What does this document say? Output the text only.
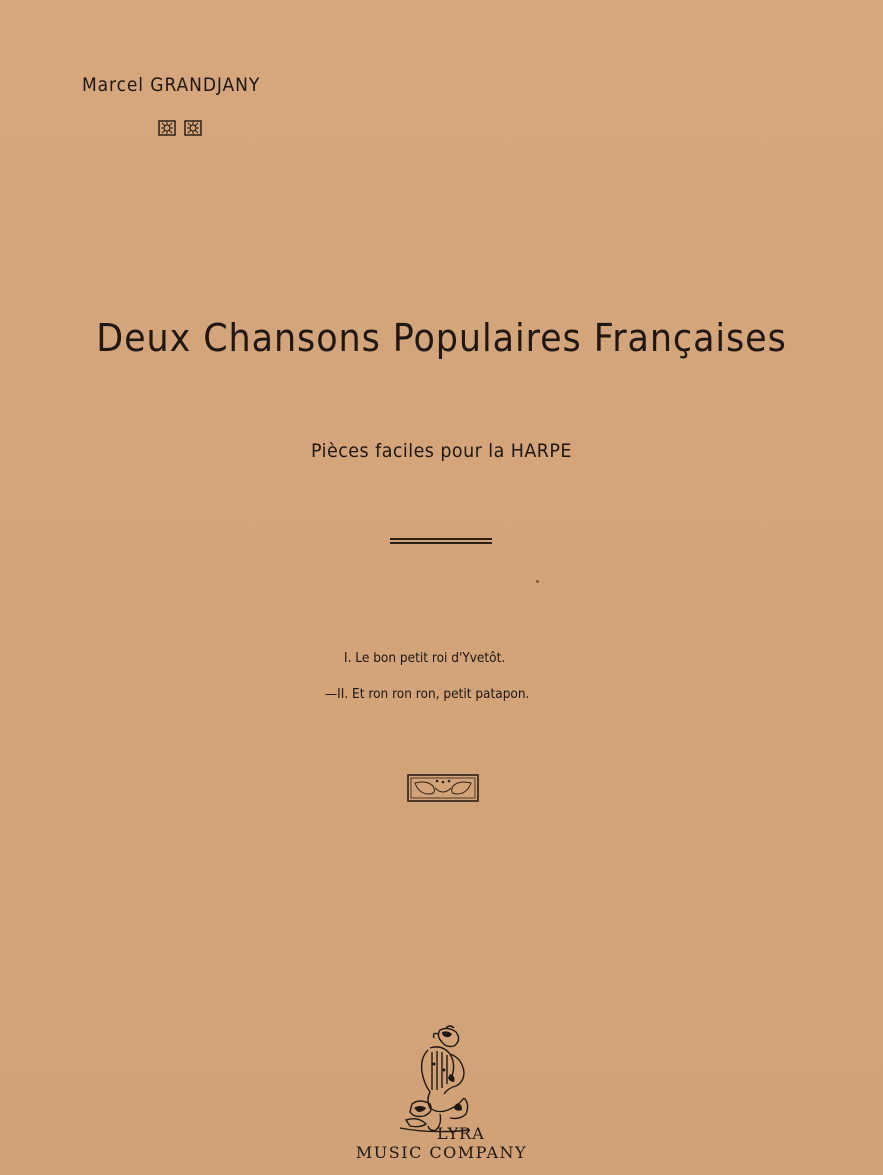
Marcel GRANDJANY
Deux Chansons Populaires Françaises
Pièces faciles pour la HARPE
I. Le bon petit roi d'Yvetôt.
—II. Et ron ron ron, petit patapon.
LYRA
MUSIC COMPANY
